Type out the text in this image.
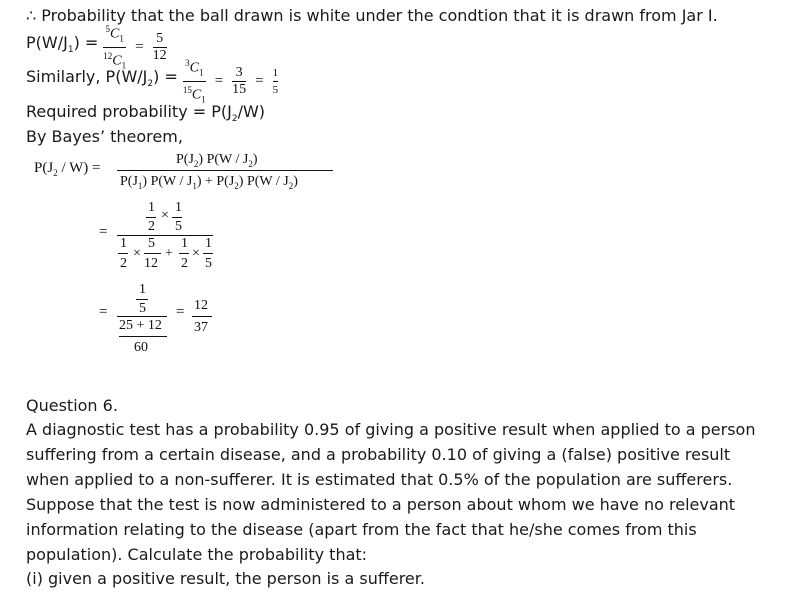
∴ Probability that the ball drawn is white under the condtion that it is drawn from Jar I.
$P(W/J_1) = \frac{^5C_1}{^{12}C_1} = \frac{5}{12}$
Similarly, $P(W/J_2) = \frac{^3C_1}{^{15}C_1} = \frac{3}{15} = \frac{1}{5}$
Required probability = $P(J_2/W)$
By Bayes’ theorem,
$P(J_2 / W)$ =
$P(J_2)$ $P(W / J_2)$
$P(J_1)$ $P(W / J_1) + P(J_2)$ $P(W / J_2)$
=
1 1
×
2 5
1
2
×
5
12
+
1
2
×
1
5
=
1
5
25 + 12
60
= 12
37
Question 6.
A diagnostic test has a probability 0.95 of giving a positive result when applied to a person suffering from a certain disease, and a probability 0.10 of giving a (false) positive result when applied to a non-sufferer. It is estimated that 0.5% of the population are sufferers. Suppose that the test is now administered to a person about whom we have no relevant information relating to the disease (apart from the fact that he/she comes from this population). Calculate the probability that:
(i) given a positive result, the person is a sufferer.
